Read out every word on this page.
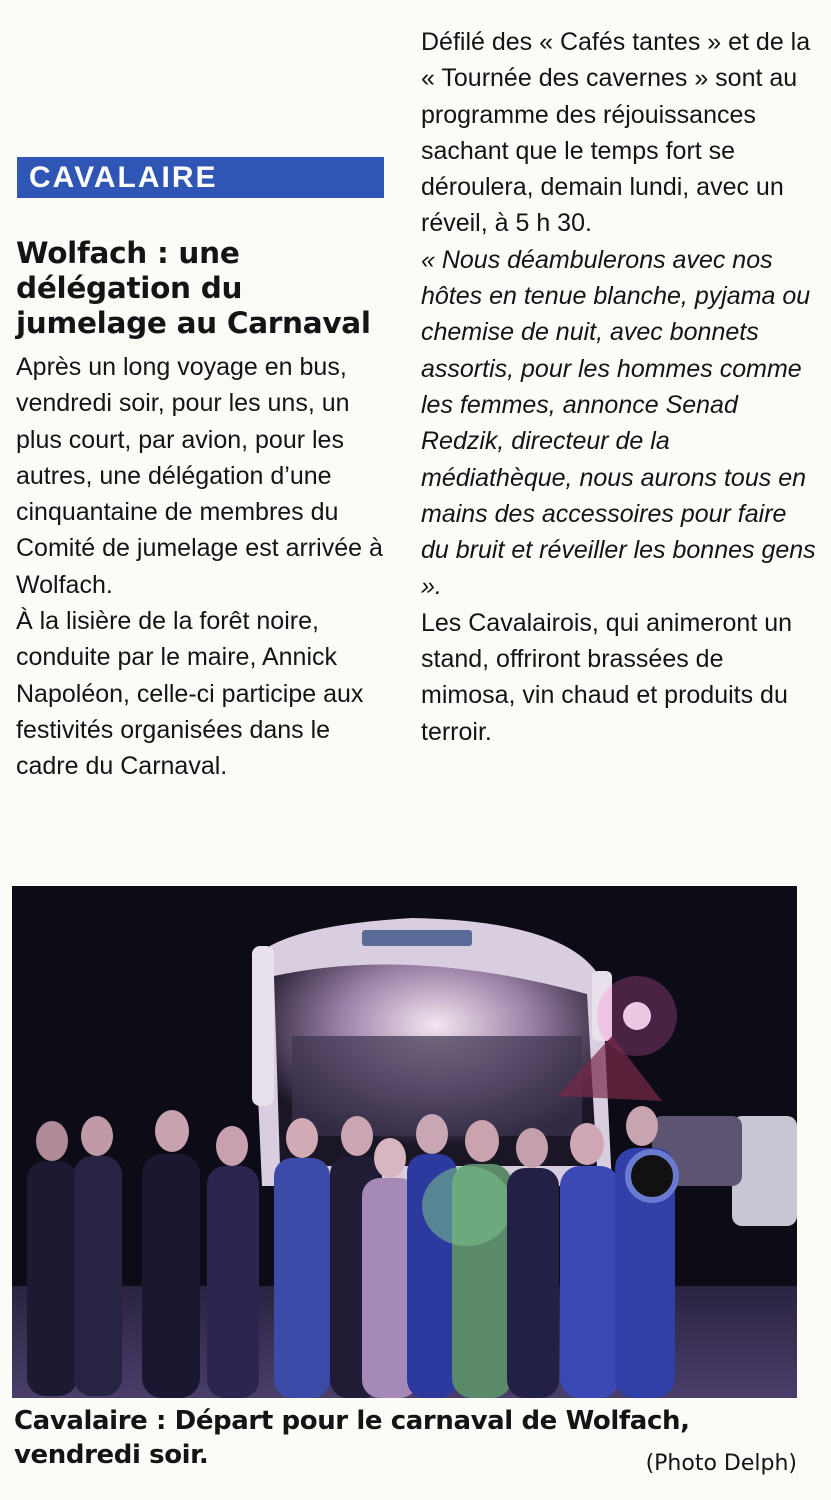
CAVALAIRE
Wolfach : une délégation du jumelage au Carnaval

Après un long voyage en bus, vendredi soir, pour les uns, un plus court, par avion, pour les autres, une délégation d’une cinquantaine de membres du Comité de jumelage est arrivée à Wolfach.

À la lisière de la forêt noire, conduite par le maire, Annick Napoléon, celle-ci participe aux festivités organisées dans le cadre du Carnaval.

Défilé des « Cafés tantes » et de la « Tournée des cavernes » sont au programme des réjouissances sachant que le temps fort se déroulera, demain lundi, avec un réveil, à 5 h 30.

« Nous déambulerons avec nos hôtes en tenue blanche, pyjama ou chemise de nuit, avec bonnets assortis, pour les hommes comme les femmes, annonce Senad Redzik, directeur de la médiathèque, nous aurons tous en mains des accessoires pour faire du bruit et réveiller les bonnes gens ».

Les Cavalairois, qui animeront un stand, offriront brassées de mimosa, vin chaud et produits du terroir.

Cavalaire : Départ pour le carnaval de Wolfach, vendredi soir.	(Photo Delph)
